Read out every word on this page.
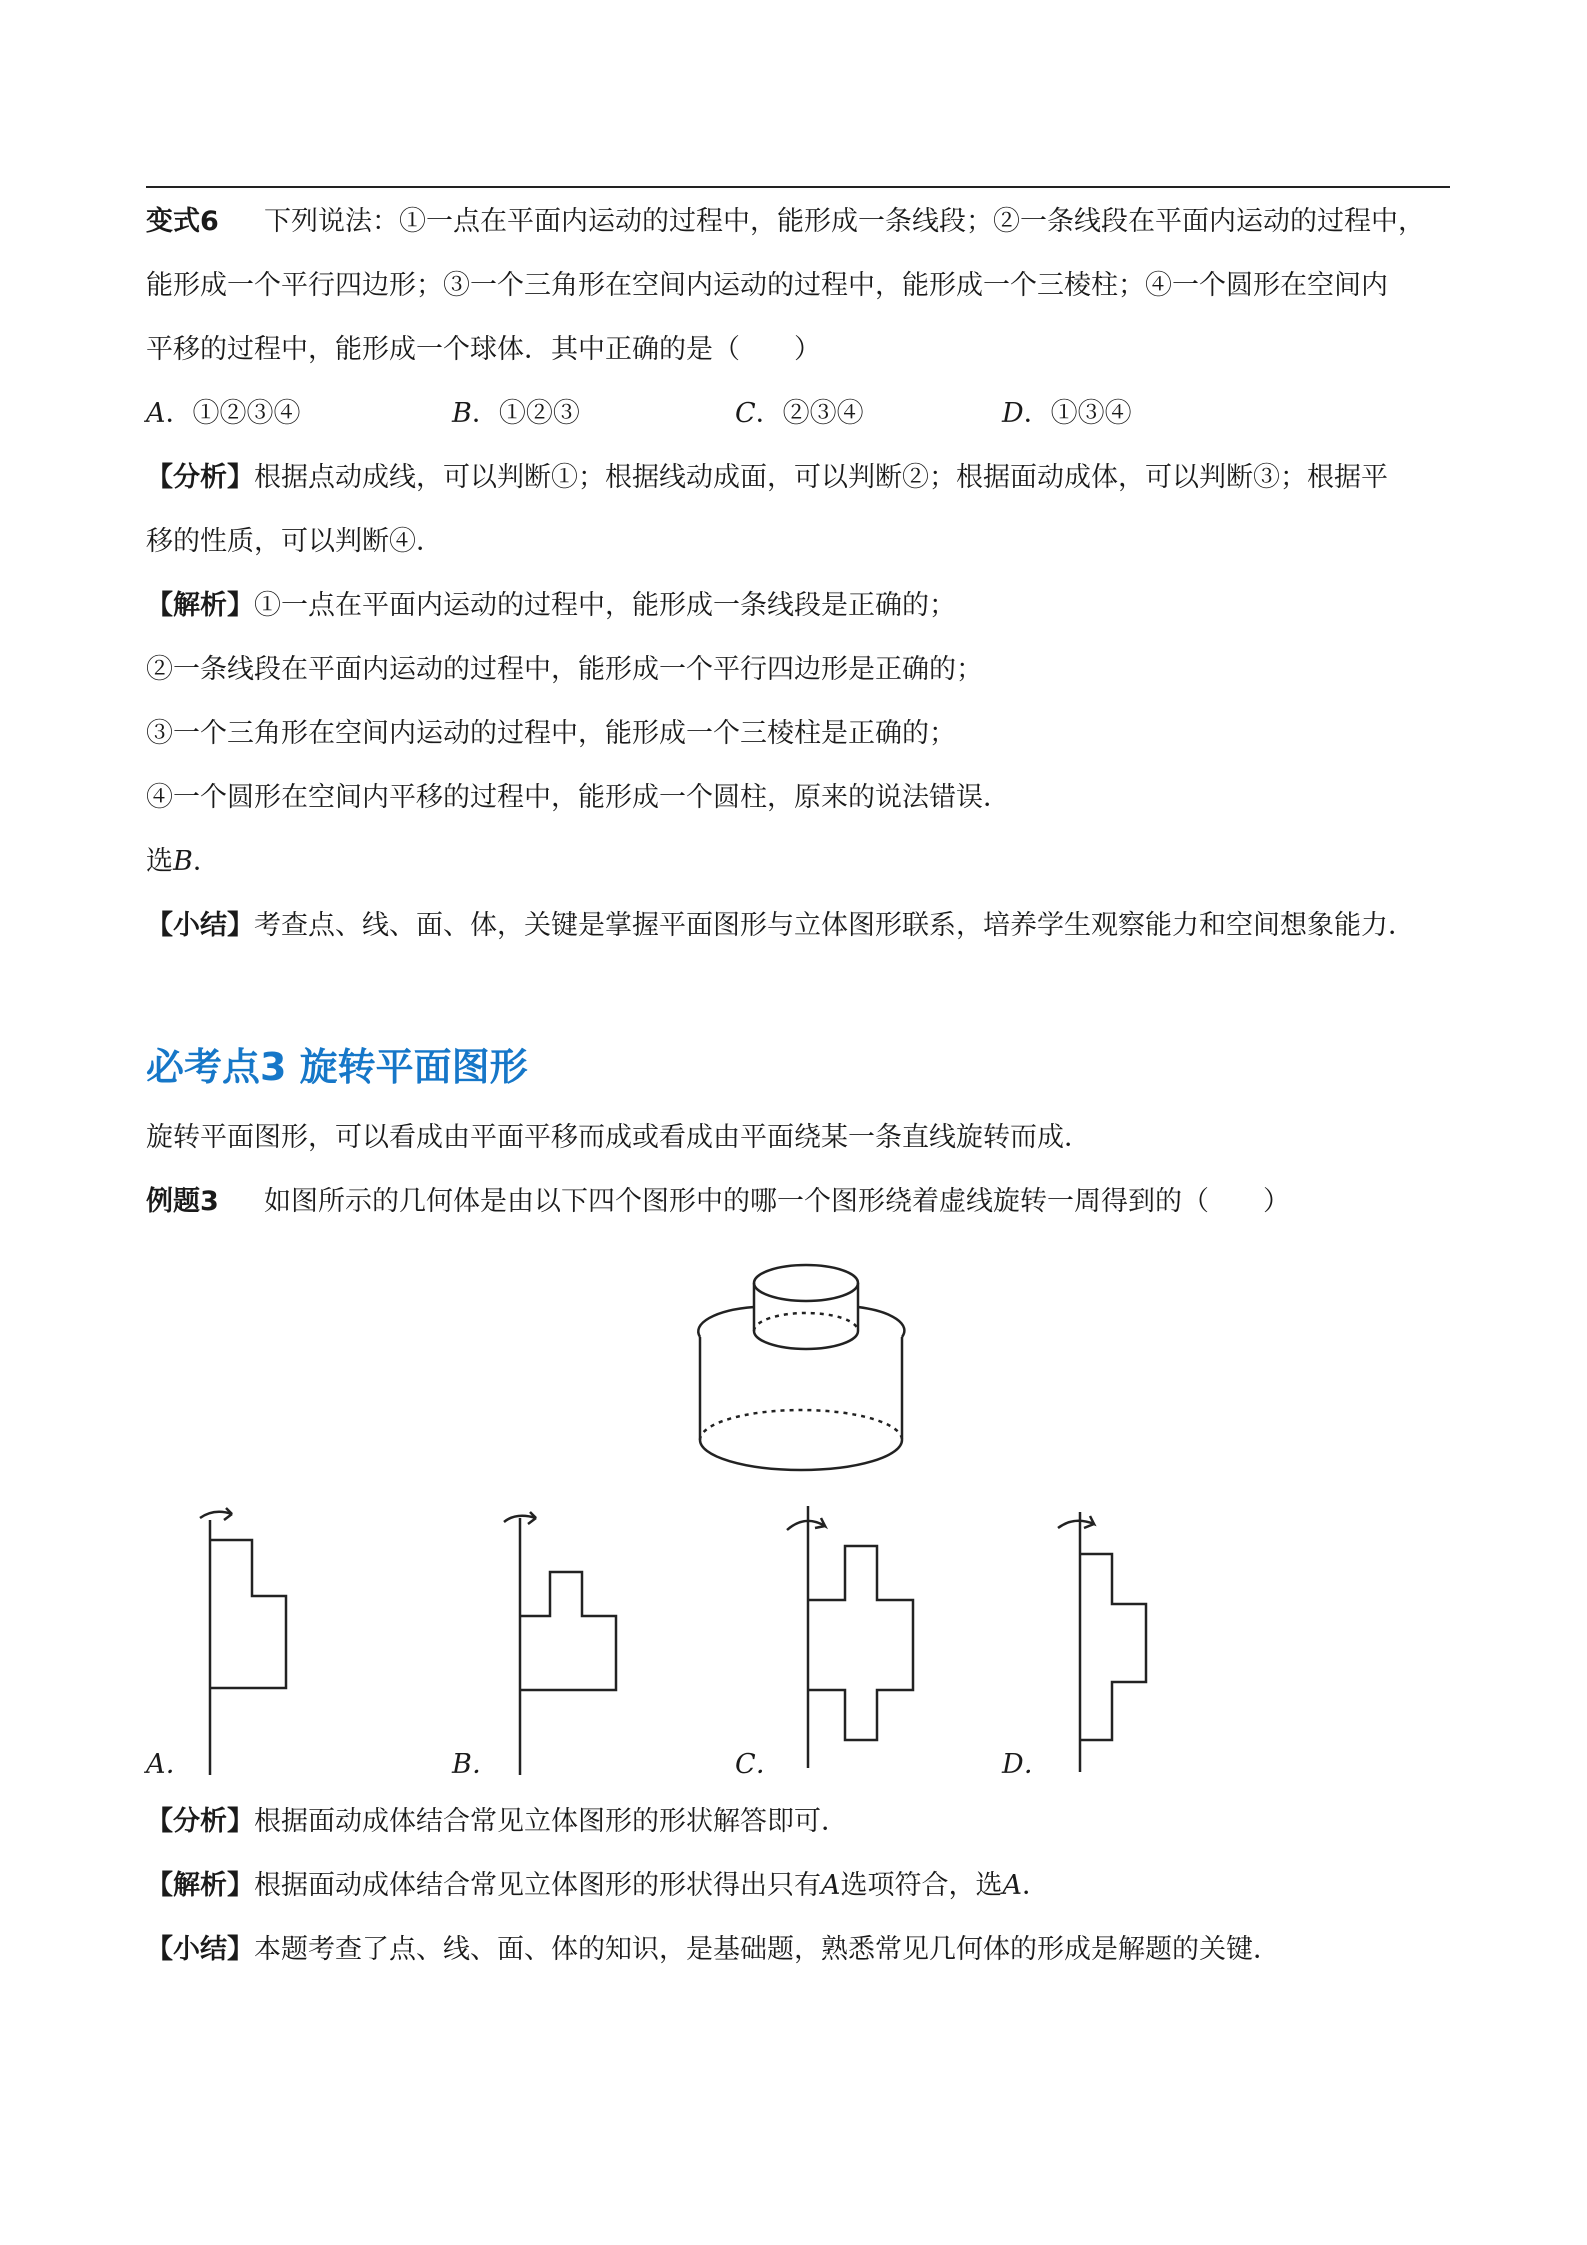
变式6 下列说法：①一点在平面内运动的过程中，能形成一条线段；②一条线段在平面内运动的过程中，
能形成一个平行四边形；③一个三角形在空间内运动的过程中，能形成一个三棱柱；④一个圆形在空间内
平移的过程中，能形成一个球体．其中正确的是（　　）
A．①②③④	B．①②③	C．②③④	D．①③④
【分析】根据点动成线，可以判断①；根据线动成面，可以判断②；根据面动成体，可以判断③；根据平
移的性质，可以判断④．
【解析】①一点在平面内运动的过程中，能形成一条线段是正确的；
②一条线段在平面内运动的过程中，能形成一个平行四边形是正确的；
③一个三角形在空间内运动的过程中，能形成一个三棱柱是正确的；
④一个圆形在空间内平移的过程中，能形成一个圆柱，原来的说法错误．
选B．
【小结】考查点、线、面、体，关键是掌握平面图形与立体图形联系，培养学生观察能力和空间想象能力．
必考点3 旋转平面图形
旋转平面图形，可以看成由平面平移而成或看成由平面绕某一条直线旋转而成．
例题3 如图所示的几何体是由以下四个图形中的哪一个图形绕着虚线旋转一周得到的（　　）
A．	B．	C．	D．
【分析】根据面动成体结合常见立体图形的形状解答即可．
【解析】根据面动成体结合常见立体图形的形状得出只有A选项符合，选A．
【小结】本题考查了点、线、面、体的知识，是基础题，熟悉常见几何体的形成是解题的关键．
